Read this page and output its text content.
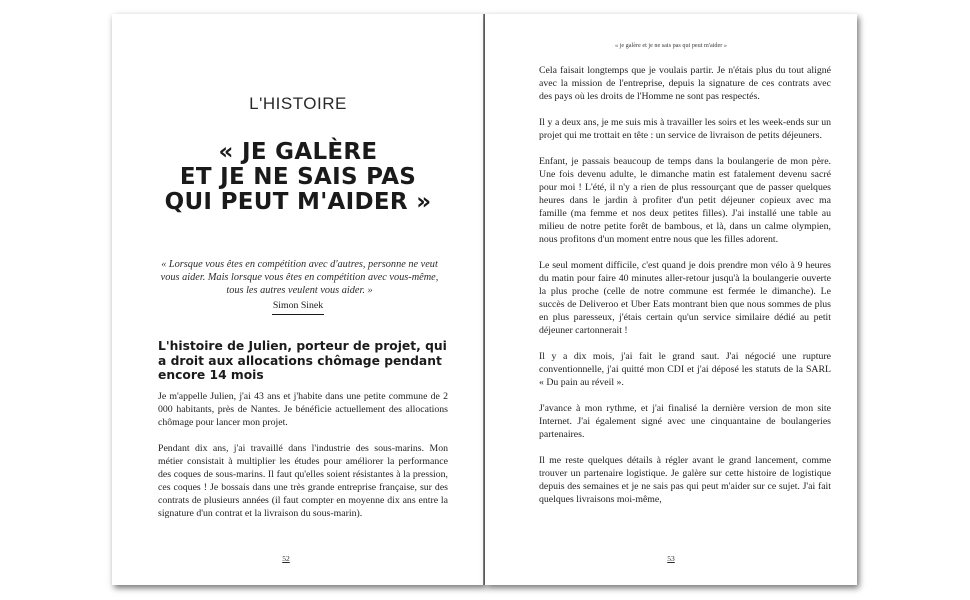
L'HISTOIRE
« JE GALÈRE
ET JE NE SAIS PAS
QUI PEUT M'AIDER »
« Lorsque vous êtes en compétition avec d'autres, personne ne veut vous aider. Mais lorsque vous êtes en compétition avec vous-même, tous les autres veulent vous aider. »
Simon Sinek
L'histoire de Julien, porteur de projet, qui a droit aux allocations chômage pendant encore 14 mois

Je m'appelle Julien, j'ai 43 ans et j'habite dans une petite commune de 2 000 habitants, près de Nantes. Je bénéficie actuellement des allocations chômage pour lancer mon projet.

Pendant dix ans, j'ai travaillé dans l'industrie des sous-marins. Mon métier consistait à multiplier les études pour améliorer la performance des coques de sous-marins. Il faut qu'elles soient résistantes à la pression, ces coques ! Je bossais dans une très grande entreprise française, sur des contrats de plusieurs années (il faut compter en moyenne dix ans entre la signature d'un contrat et la livraison du sous-marin).

52
« je galère et je ne sais pas qui peut m'aider »

Cela faisait longtemps que je voulais partir. Je n'étais plus du tout aligné avec la mission de l'entreprise, depuis la signature de ces contrats avec des pays où les droits de l'Homme ne sont pas respectés.

Il y a deux ans, je me suis mis à travailler les soirs et les week-ends sur un projet qui me trottait en tête : un service de livraison de petits déjeuners.

Enfant, je passais beaucoup de temps dans la boulangerie de mon père. Une fois devenu adulte, le dimanche matin est fatalement devenu sacré pour moi ! L'été, il n'y a rien de plus ressourçant que de passer quelques heures dans le jardin à profiter d'un petit déjeuner copieux avec ma famille (ma femme et nos deux petites filles). J'ai installé une table au milieu de notre petite forêt de bambous, et là, dans un calme olympien, nous profitons d'un moment entre nous que les filles adorent.

Le seul moment difficile, c'est quand je dois prendre mon vélo à 9 heures du matin pour faire 40 minutes aller-retour jusqu'à la boulangerie ouverte la plus proche (celle de notre commune est fermée le dimanche). Le succès de Deliveroo et Uber Eats montrant bien que nous sommes de plus en plus paresseux, j'étais certain qu'un service similaire dédié au petit déjeuner cartonnerait !

Il y a dix mois, j'ai fait le grand saut. J'ai négocié une rupture conventionnelle, j'ai quitté mon CDI et j'ai déposé les statuts de la SARL « Du pain au réveil ».

J'avance à mon rythme, et j'ai finalisé la dernière version de mon site Internet. J'ai également signé avec une cinquantaine de boulangeries partenaires.

Il me reste quelques détails à régler avant le grand lancement, comme trouver un partenaire logistique. Je galère sur cette histoire de logistique depuis des semaines et je ne sais pas qui peut m'aider sur ce sujet. J'ai fait quelques livraisons moi-même,

53
